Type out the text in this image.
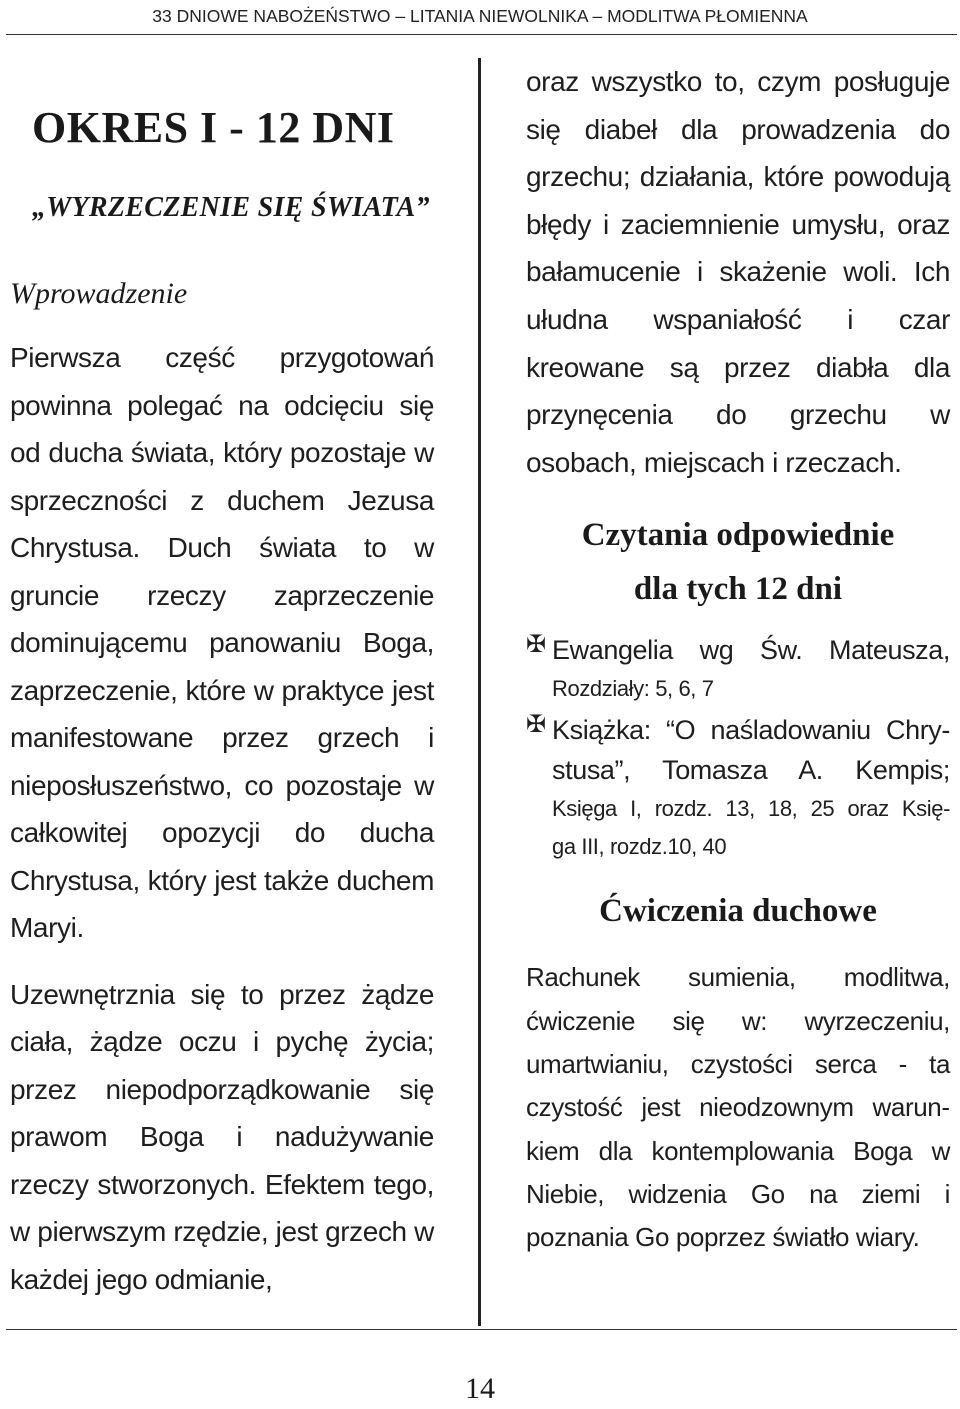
33 DNIOWE NABOŻEŃSTWO – LITANIA NIEWOLNIKA – MODLITWA PŁOMIENNA
OKRES I - 12 DNI
„WYRZECZENIE SIĘ ŚWIATA”
Wprowadzenie

Pierwsza część przygotowań powinna polegać na odcięciu się od ducha świata, który pozostaje w sprzeczności z duchem Jezusa Chrystusa. Duch świata to w gruncie rzeczy zaprzeczenie dominującemu panowaniu Boga, zaprzeczenie, które w praktyce jest manifestowane przez grzech i nieposłuszeństwo, co pozostaje w całkowitej opozycji do ducha Chrystusa, który jest także duchem Maryi.

Uzewnętrznia się to przez żądze ciała, żądze oczu i pychę życia; przez niepodporządkowanie się prawom Boga i nadużywanie rzeczy stworzonych. Efektem tego, w pierwszym rzędzie, jest grzech w każdej jego odmianie,

oraz wszystko to, czym posługuje się diabeł dla prowadzenia do grzechu; działania, które powodują błędy i zaciemnienie umysłu, oraz bałamucenie i skażenie woli. Ich ułudna wspaniałość i czar kreowane są przez diabła dla przynęcenia do grzechu w osobach, miejscach i rzeczach.

Czytania odpowiednie
dla tych 12 dni
✠ Ewangelia wg Św. Mateusza,
Rozdziały: 5, 6, 7
✠ Książka: “O naśladowaniu Chry-
stusa”, Tomasza A. Kempis;
Księga I, rozdz. 13, 18, 25 oraz Księ-
ga III, rozdz.10, 40
Ćwiczenia duchowe

Rachunek sumienia, modlitwa, ćwiczenie się w: wyrzeczeniu, umartwianiu, czystości serca - ta czystość jest nieodzownym warunkiem dla kontemplowania Boga w Niebie, widzenia Go na ziemi i poznania Go poprzez światło wiary.

14
